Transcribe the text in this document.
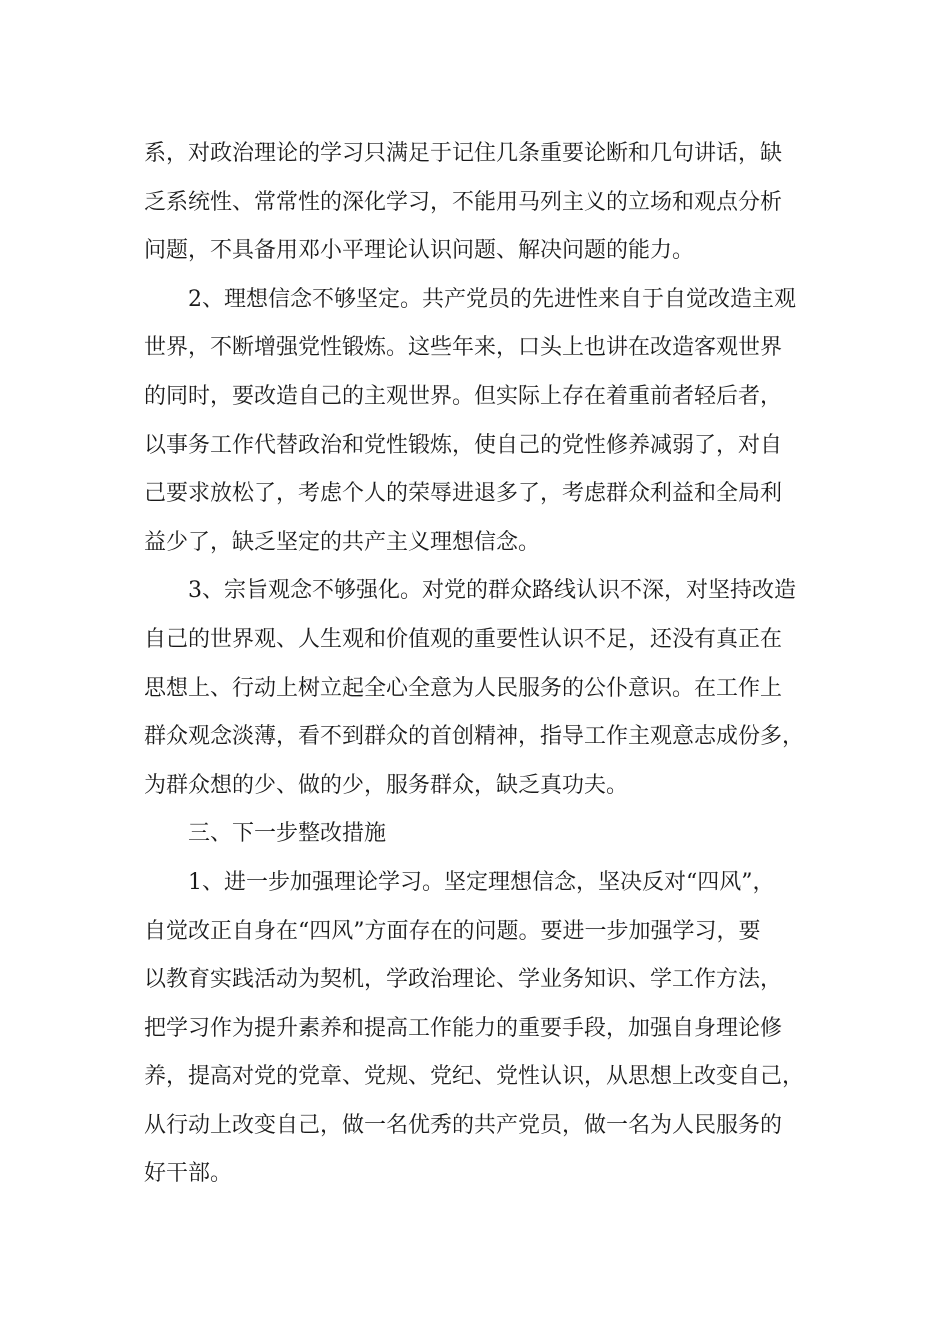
系，对政治理论的学习只满足于记住几条重要论断和几句讲话，缺
乏系统性、常常性的深化学习，不能用马列主义的立场和观点分析
问题，不具备用邓小平理论认识问题、解决问题的能力。
2、理想信念不够坚定。共产党员的先进性来自于自觉改造主观
世界，不断增强党性锻炼。这些年来，口头上也讲在改造客观世界
的同时，要改造自己的主观世界。但实际上存在着重前者轻后者，
以事务工作代替政治和党性锻炼，使自己的党性修养减弱了，对自
己要求放松了，考虑个人的荣辱进退多了，考虑群众利益和全局利
益少了，缺乏坚定的共产主义理想信念。
3、宗旨观念不够强化。对党的群众路线认识不深，对坚持改造
自己的世界观、人生观和价值观的重要性认识不足，还没有真正在
思想上、行动上树立起全心全意为人民服务的公仆意识。在工作上
群众观念淡薄，看不到群众的首创精神，指导工作主观意志成份多，
为群众想的少、做的少，服务群众，缺乏真功夫。
三、下一步整改措施
1、进一步加强理论学习。坚定理想信念，坚决反对“四风”，
自觉改正自身在“四风”方面存在的问题。要进一步加强学习，要
以教育实践活动为契机，学政治理论、学业务知识、学工作方法，
把学习作为提升素养和提高工作能力的重要手段，加强自身理论修
养，提高对党的党章、党规、党纪、党性认识，从思想上改变自己，
从行动上改变自己，做一名优秀的共产党员，做一名为人民服务的
好干部。
